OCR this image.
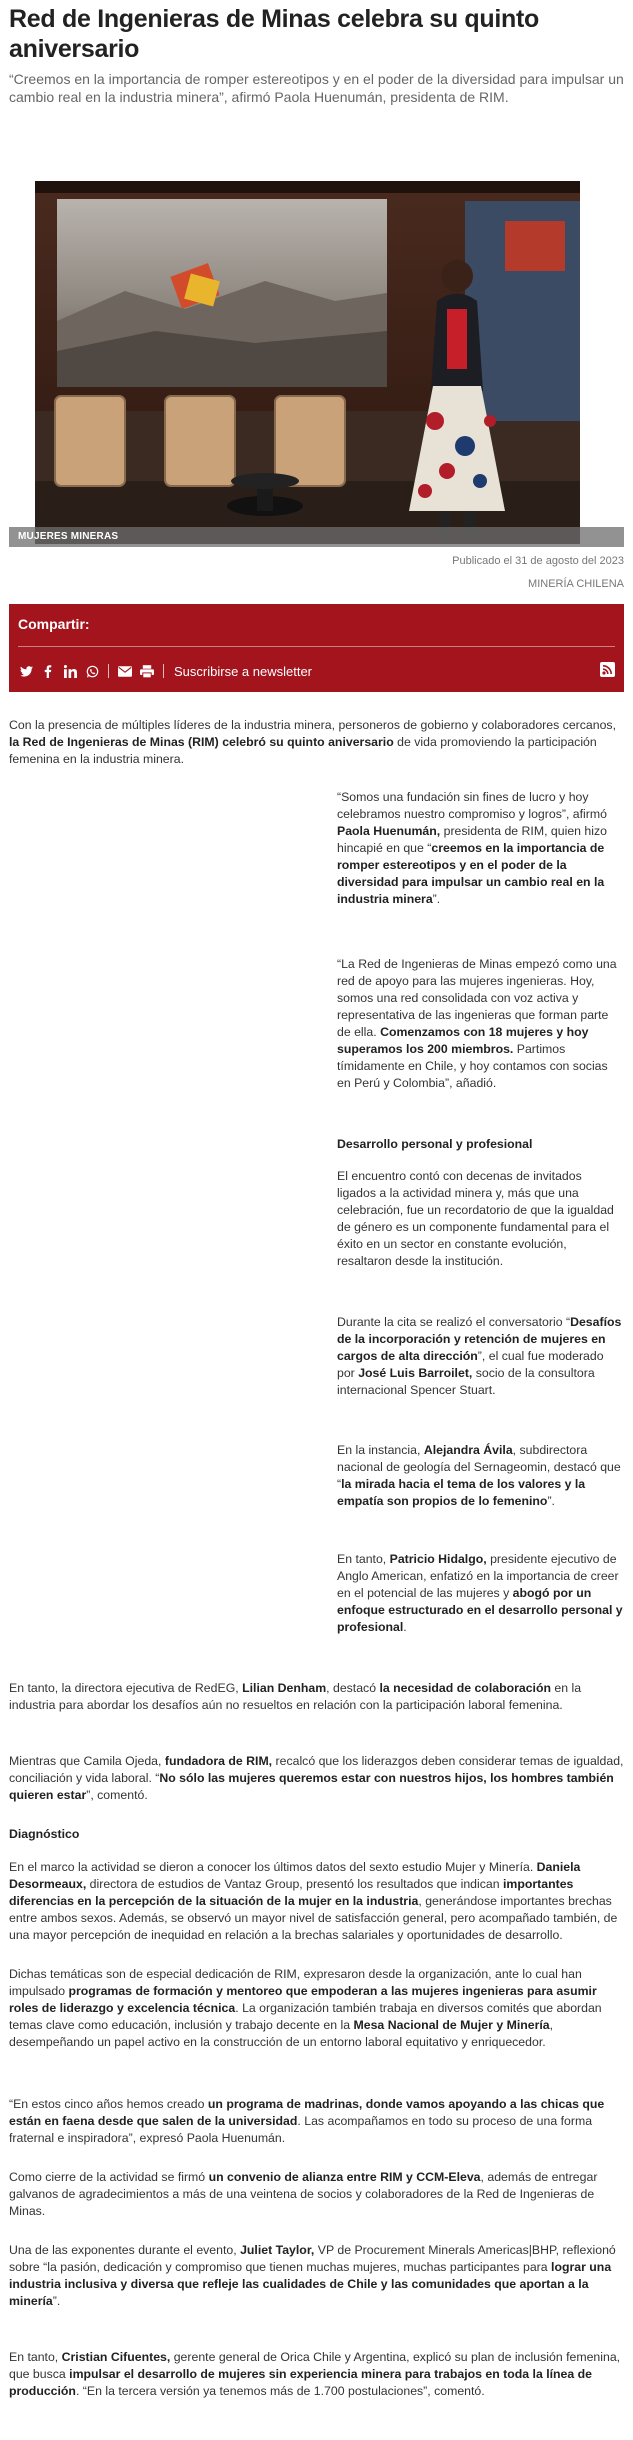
Red de Ingenieras de Minas celebra su quinto aniversario

“Creemos en la importancia de romper estereotipos y en el poder de la diversidad para impulsar un cambio real en la industria minera”, afirmó Paola Huenumán, presidenta de RIM.

MUJERES MINERAS
Publicado el 31 de agosto del 2023
MINERÍA CHILENA
Compartir:
Suscribirse a newsletter

Con la presencia de múltiples líderes de la industria minera, personeros de gobierno y colaboradores cercanos, la Red de Ingenieras de Minas (RIM) celebró su quinto aniversario de vida promoviendo la participación femenina en la industria minera.

“Somos una fundación sin fines de lucro y hoy celebramos nuestro compromiso y logros”, afirmó Paola Huenumán, presidenta de RIM, quien hizo hincapié en que “creemos en la importancia de romper estereotipos y en el poder de la diversidad para impulsar un cambio real en la industria minera”.

“La Red de Ingenieras de Minas empezó como una red de apoyo para las mujeres ingenieras. Hoy, somos una red consolidada con voz activa y representativa de las ingenieras que forman parte de ella. Comenzamos con 18 mujeres y hoy superamos los 200 miembros. Partimos tímidamente en Chile, y hoy contamos con socias en Perú y Colombia”, añadió.

Desarrollo personal y profesional

El encuentro contó con decenas de invitados ligados a la actividad minera y, más que una celebración, fue un recordatorio de que la igualdad de género es un componente fundamental para el éxito en un sector en constante evolución, resaltaron desde la institución.

Durante la cita se realizó el conversatorio “Desafíos de la incorporación y retención de mujeres en cargos de alta dirección”, el cual fue moderado por José Luis Barroilet, socio de la consultora internacional Spencer Stuart.

En la instancia, Alejandra Ávila, subdirectora nacional de geología del Sernageomin, destacó que “la mirada hacia el tema de los valores y la empatía son propios de lo femenino”.

En tanto, Patricio Hidalgo, presidente ejecutivo de Anglo American, enfatizó en la importancia de creer en el potencial de las mujeres y abogó por un enfoque estructurado en el desarrollo personal y profesional.

En tanto, la directora ejecutiva de RedEG, Lilian Denham, destacó la necesidad de colaboración en la industria para abordar los desafíos aún no resueltos en relación con la participación laboral femenina.

Mientras que Camila Ojeda, fundadora de RIM, recalcó que los liderazgos deben considerar temas de igualdad, conciliación y vida laboral. “No sólo las mujeres queremos estar con nuestros hijos, los hombres también quieren estar”, comentó.

Diagnóstico

En el marco la actividad se dieron a conocer los últimos datos del sexto estudio Mujer y Minería. Daniela Desormeaux, directora de estudios de Vantaz Group, presentó los resultados que indican importantes diferencias en la percepción de la situación de la mujer en la industria, generándose importantes brechas entre ambos sexos. Además, se observó un mayor nivel de satisfacción general, pero acompañado también, de una mayor percepción de inequidad en relación a la brechas salariales y oportunidades de desarrollo.

Dichas temáticas son de especial dedicación de RIM, expresaron desde la organización, ante lo cual han impulsado programas de formación y mentoreo que empoderan a las mujeres ingenieras para asumir roles de liderazgo y excelencia técnica. La organización también trabaja en diversos comités que abordan temas clave como educación, inclusión y trabajo decente en la Mesa Nacional de Mujer y Minería, desempeñando un papel activo en la construcción de un entorno laboral equitativo y enriquecedor.

“En estos cinco años hemos creado un programa de madrinas, donde vamos apoyando a las chicas que están en faena desde que salen de la universidad. Las acompañamos en todo su proceso de una forma fraternal e inspiradora”, expresó Paola Huenumán.

Como cierre de la actividad se firmó un convenio de alianza entre RIM y CCM-Eleva, además de entregar galvanos de agradecimientos a más de una veintena de socios y colaboradores de la Red de Ingenieras de Minas.

Una de las exponentes durante el evento, Juliet Taylor, VP de Procurement Minerals Americas|BHP, reflexionó sobre “la pasión, dedicación y compromiso que tienen muchas mujeres, muchas participantes para lograr una industria inclusiva y diversa que refleje las cualidades de Chile y las comunidades que aportan a la minería”.

En tanto, Cristian Cifuentes, gerente general de Orica Chile y Argentina, explicó su plan de inclusión femenina, que busca impulsar el desarrollo de mujeres sin experiencia minera para trabajos en toda la línea de producción. “En la tercera versión ya tenemos más de 1.700 postulaciones”, comentó.
